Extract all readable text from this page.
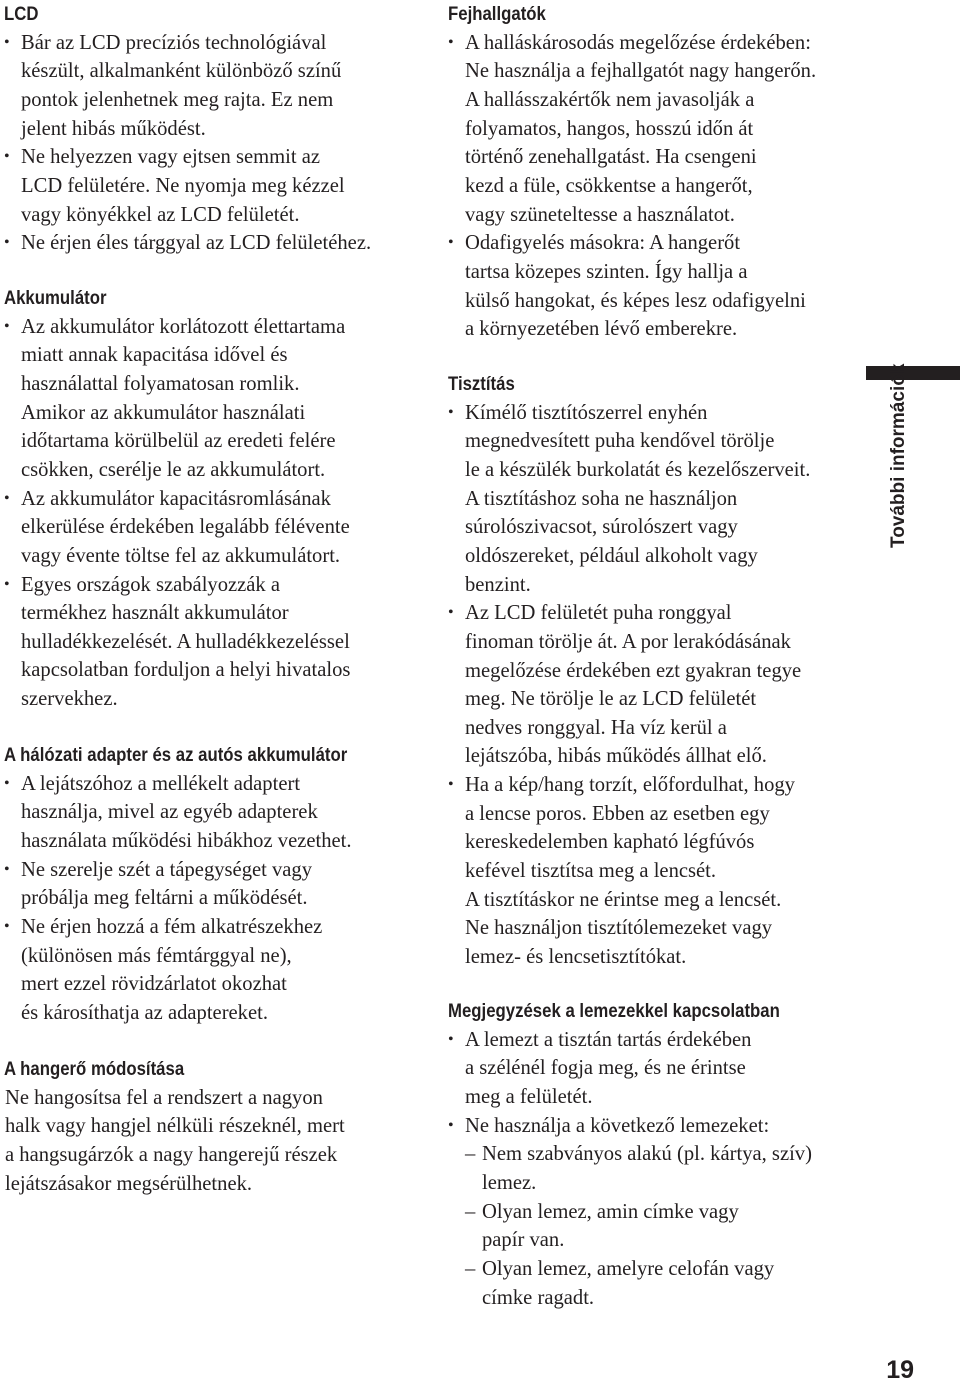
LCD
• Bár az LCD precíziós technológiával
készült, alkalmanként különböző színű
pontok jelenhetnek meg rajta. Ez nem
jelent hibás működést.
• Ne helyezzen vagy ejtsen semmit az
LCD felületére. Ne nyomja meg kézzel
vagy könyékkel az LCD felületét.
• Ne érjen éles tárggyal az LCD felületéhez.
Akkumulátor
• Az akkumulátor korlátozott élettartama
miatt annak kapacitása idővel és
használattal folyamatosan romlik.
Amikor az akkumulátor használati
időtartama körülbelül az eredeti felére
csökken, cserélje le az akkumulátort.
• Az akkumulátor kapacitásromlásának
elkerülése érdekében legalább félévente
vagy évente töltse fel az akkumulátort.
• Egyes országok szabályozzák a
termékhez használt akkumulátor
hulladékkezelését. A hulladékkezeléssel
kapcsolatban forduljon a helyi hivatalos
szervekhez.
A hálózati adapter és az autós akkumulátor
• A lejátszóhoz a mellékelt adaptert
használja, mivel az egyéb adapterek
használata működési hibákhoz vezethet.
• Ne szerelje szét a tápegységet vagy
próbálja meg feltárni a működését.
• Ne érjen hozzá a fém alkatrészekhez
(különösen más fémtárggyal ne),
mert ezzel rövidzárlatot okozhat
és károsíthatja az adaptereket.
A hangerő módosítása
Ne hangosítsa fel a rendszert a nagyon
halk vagy hangjel nélküli részeknél, mert
a hangsugárzók a nagy hangerejű részek
lejátszásakor megsérülhetnek.
Fejhallgatók
• A halláskárosodás megelőzése érdekében:
Ne használja a fejhallgatót nagy hangerőn.
A hallásszakértők nem javasolják a
folyamatos, hangos, hosszú időn át
történő zenehallgatást. Ha csengeni
kezd a füle, csökkentse a hangerőt,
vagy szüneteltesse a használatot.
• Odafigyelés másokra: A hangerőt
tartsa közepes szinten. Így hallja a
külső hangokat, és képes lesz odafigyelni
a környezetében lévő emberekre.
Tisztítás
• Kímélő tisztítószerrel enyhén
megnedvesített puha kendővel törölje
le a készülék burkolatát és kezelőszerveit.
A tisztításhoz soha ne használjon
súrolószivacsot, súrolószert vagy
oldószereket, például alkoholt vagy
benzint.
• Az LCD felületét puha ronggyal
finoman törölje át. A por lerakódásának
megelőzése érdekében ezt gyakran tegye
meg. Ne törölje le az LCD felületét
nedves ronggyal. Ha víz kerül a
lejátszóba, hibás működés állhat elő.
• Ha a kép/hang torzít, előfordulhat, hogy
a lencse poros. Ebben az esetben egy
kereskedelemben kapható légfúvós
kefével tisztítsa meg a lencsét.
A tisztításkor ne érintse meg a lencsét.
Ne használjon tisztítólemezeket vagy
lemez- és lencsetisztítókat.
Megjegyzések a lemezekkel kapcsolatban
• A lemezt a tisztán tartás érdekében
a szélénél fogja meg, és ne érintse
meg a felületét.
• Ne használja a következő lemezeket:
– Nem szabványos alakú (pl. kártya, szív)
lemez.
– Olyan lemez, amin címke vagy
papír van.
– Olyan lemez, amelyre celofán vagy
címke ragadt.
További információk
19
